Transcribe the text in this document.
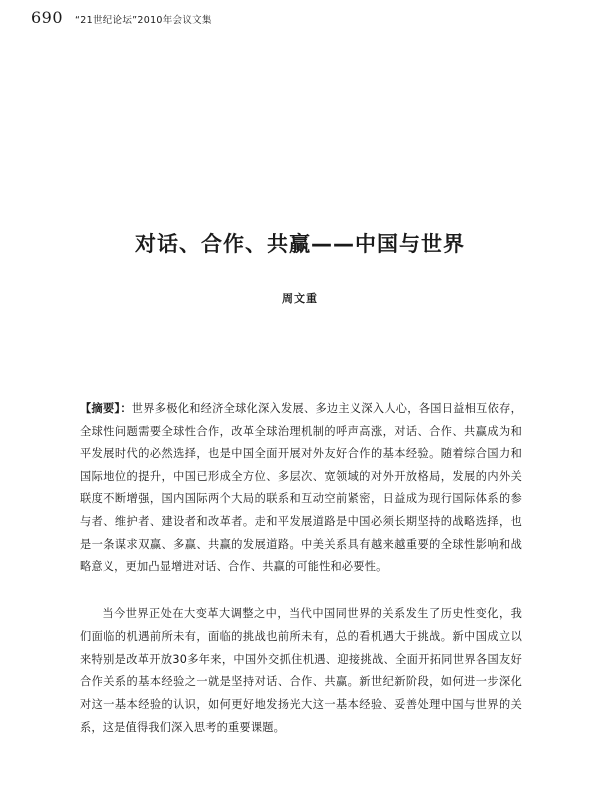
690 “21世纪论坛”2010年会议文集
对话、合作、共赢——中国与世界
周文重

【摘要】：世界多极化和经济全球化深入发展、多边主义深入人心，各国日益相互依存，全球性问题需要全球性合作，改革全球治理机制的呼声高涨，对话、合作、共赢成为和平发展时代的必然选择，也是中国全面开展对外友好合作的基本经验。随着综合国力和国际地位的提升，中国已形成全方位、多层次、宽领域的对外开放格局，发展的内外关联度不断增强，国内国际两个大局的联系和互动空前紧密，日益成为现行国际体系的参与者、维护者、建设者和改革者。走和平发展道路是中国必须长期坚持的战略选择，也是一条谋求双赢、多赢、共赢的发展道路。中美关系具有越来越重要的全球性影响和战略意义，更加凸显增进对话、合作、共赢的可能性和必要性。

当今世界正处在大变革大调整之中，当代中国同世界的关系发生了历史性变化，我们面临的机遇前所未有，面临的挑战也前所未有，总的看机遇大于挑战。新中国成立以来特别是改革开放30多年来，中国外交抓住机遇、迎接挑战、全面开拓同世界各国友好合作关系的基本经验之一就是坚持对话、合作、共赢。新世纪新阶段，如何进一步深化对这一基本经验的认识，如何更好地发扬光大这一基本经验、妥善处理中国与世界的关系，这是值得我们深入思考的重要课题。
